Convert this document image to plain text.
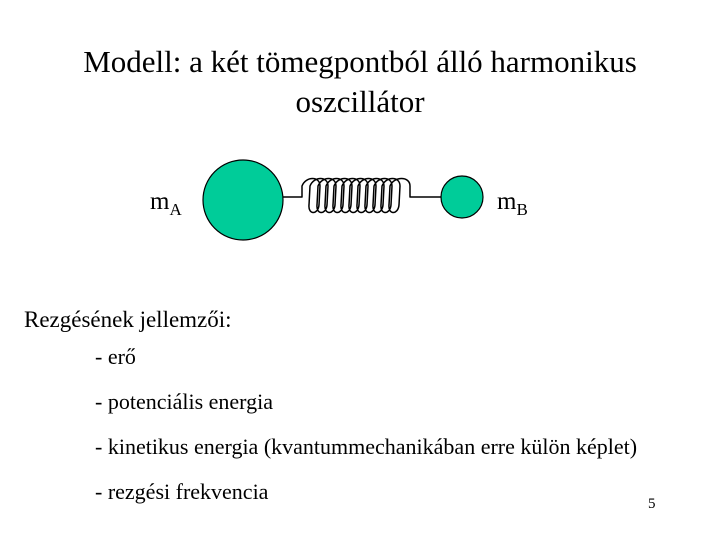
Modell: a két tömegpontból álló harmonikus
oszcillátor
$m_A$	$m_B$
Rezgésének jellemzői:
- erő
- potenciális energia
- kinetikus energia (kvantummechanikában erre külön képlet)
- rezgési frekvencia	5
